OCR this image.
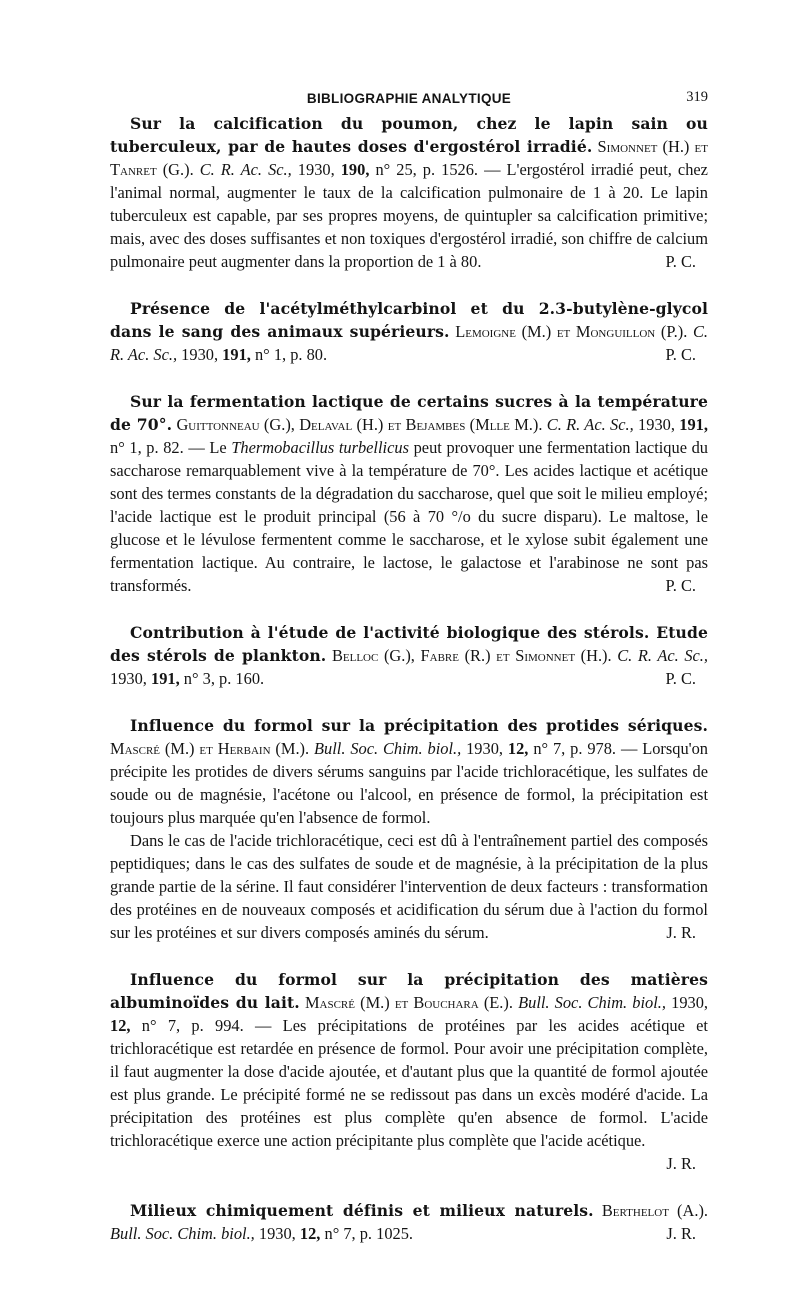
BIBLIOGRAPHIE ANALYTIQUE	319

Sur la calcification du poumon, chez le lapin sain ou tuberculeux, par de hautes doses d'ergostérol irradié. Simonnet (H.) et Tanret (G.). C. R. Ac. Sc., 1930, 190, n° 25, p. 1526. — L'ergostérol irradié peut, chez l'animal normal, augmenter le taux de la calcification pulmonaire de 1 à 20. Le lapin tuberculeux est capable, par ses propres moyens, de quintupler sa calcification primitive; mais, avec des doses suffisantes et non toxiques d'ergostérol irradié, son chiffre de calcium pulmonaire peut augmenter dans la proportion de 1 à 80.	P. C.

Présence de l'acétylméthylcarbinol et du 2.3-butylène-glycol dans le sang des animaux supérieurs. Lemoigne (M.) et Monguillon (P.). C. R. Ac. Sc., 1930, 191, n° 1, p. 80.	P. C.

Sur la fermentation lactique de certains sucres à la température de 70°. Guittonneau (G.), Delaval (H.) et Bejambes (Mlle M.). C. R. Ac. Sc., 1930, 191, n° 1, p. 82. — Le Thermobacillus turbellicus peut provoquer une fermentation lactique du saccharose remarquablement vive à la température de 70°. Les acides lactique et acétique sont des termes constants de la dégradation du saccharose, quel que soit le milieu employé; l'acide lactique est le produit principal (56 à 70 °/o du sucre disparu). Le maltose, le glucose et le lévulose fermentent comme le saccharose, et le xylose subit également une fermentation lactique. Au contraire, le lactose, le galactose et l'arabinose ne sont pas transformés.	P. C.

Contribution à l'étude de l'activité biologique des stérols. Etude des stérols de plankton. Belloc (G.), Fabre (R.) et Simonnet (H.). C. R. Ac. Sc., 1930, 191, n° 3, p. 160.	P. C.

Influence du formol sur la précipitation des protides sériques. Mascré (M.) et Herbain (M.). Bull. Soc. Chim. biol., 1930, 12, n° 7, p. 978. — Lorsqu'on précipite les protides de divers sérums sanguins par l'acide trichloracétique, les sulfates de soude ou de magnésie, l'acétone ou l'alcool, en présence de formol, la précipitation est toujours plus marquée qu'en l'absence de formol.

Dans le cas de l'acide trichloracétique, ceci est dû à l'entraînement partiel des composés peptidiques; dans le cas des sulfates de soude et de magnésie, à la précipitation de la plus grande partie de la sérine. Il faut considérer l'intervention de deux facteurs : transformation des protéines en de nouveaux composés et acidification du sérum due à l'action du formol sur les protéines et sur divers composés aminés du sérum.	J. R.

Influence du formol sur la précipitation des matières albuminoïdes du lait. Mascré (M.) et Bouchara (E.). Bull. Soc. Chim. biol., 1930, 12, n° 7, p. 994. — Les précipitations de protéines par les acides acétique et trichloracétique est retardée en présence de formol. Pour avoir une précipitation complète, il faut augmenter la dose d'acide ajoutée, et d'autant plus que la quantité de formol ajoutée est plus grande. Le précipité formé ne se redissout pas dans un excès modéré d'acide. La précipitation des protéines est plus complète qu'en absence de formol. L'acide trichloracétique exerce une action précipitante plus complète que l'acide acétique.

J. R.

Milieux chimiquement définis et milieux naturels. Berthelot (A.). Bull. Soc. Chim. biol., 1930, 12, n° 7, p. 1025.	J. R.
